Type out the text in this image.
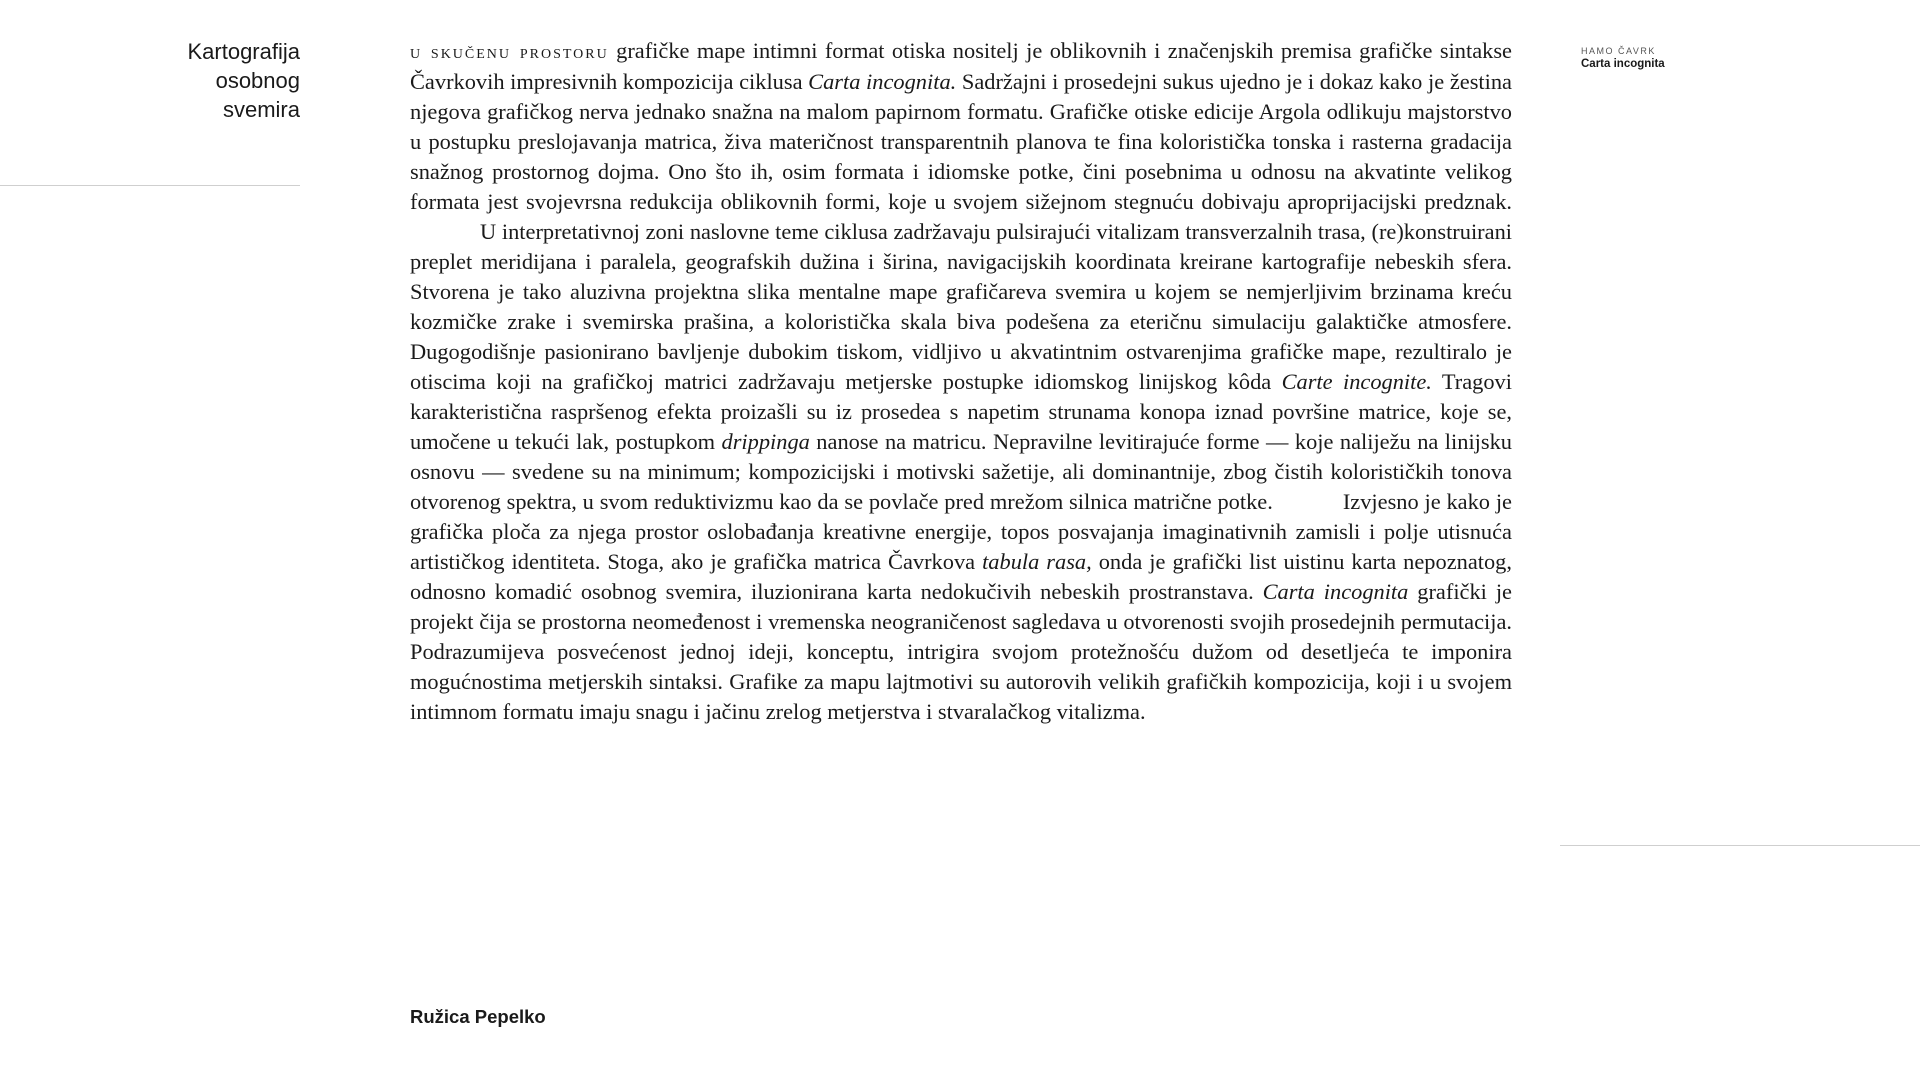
Kartografija
osobnog
svemira
HAMO ČAVRK
Carta incognita

u skučenu prostoru grafičke mape intimni format otiska nositelj je oblikovnih i značenjskih premisa grafičke sintakse Čavrkovih impresivnih kompozicija ciklusa Carta incognita. Sadržajni i prosedejni sukus ujedno je i dokaz kako je žestina njegova grafičkog nerva jednako snažna na malom papirnom formatu. Grafičke otiske edicije Argola odlikuju majstorstvo u postupku preslojavanja matrica, živa materičnost transparentnih planova te fina koloristička tonska i rasterna gradacija snažnog prostornog dojma. Ono što ih, osim formata i idiomske potke, čini posebnima u odnosu na akvatinte velikog formata jest svojevrsna redukcija oblikovnih formi, koje u svojem sižejnom stegnuću dobivaju aproprijacijski predznak.U interpretativnoj zoni naslovne teme ciklusa zadržavaju pulsirajući vitalizam transverzalnih trasa, (re)konstruirani preplet meridijana i paralela, geografskih dužina i širina, navigacijskih koordinata kreirane kartografije nebeskih sfera. Stvorena je tako aluzivna projektna slika mentalne mape grafičareva svemira u kojem se nemjerljivim brzinama kreću kozmičke zrake i svemirska prašina, a koloristička skala biva podešena za eteričnu simulaciju galaktičke atmosfere. Dugogodišnje pasionirano bavljenje dubokim tiskom, vidljivo u akvatintnim ostvarenjima grafičke mape, rezultiralo je otiscima koji na grafičkoj matrici zadržavaju metjerske postupke idiomskog linijskog kôda Carte incognite. Tragovi karakteristična raspršenog efekta proizašli su iz prosedea s napetim strunama konopa iznad površine matrice, koje se, umočene u tekući lak, postupkom drippinga nanose na matricu. Nepravilne levitirajuće forme — koje naliježu na linijsku osnovu — svedene su na minimum; kompozicijski i motivski sažetije, ali dominantnije, zbog čistih kolorističkih tonova otvorenog spektra, u svom reduktivizmu kao da se povlače pred mrežom silnica matrične potke.	Izvjesno je kako je grafička ploča za njega prostor oslobađanja kreativne energije, topos posvajanja imaginativnih zamisli i polje utisnuća artističkog identiteta. Stoga, ako je grafička matrica Čavrkova tabula rasa, onda je grafički list uistinu karta nepoznatog, odnosno komadić osobnog svemira, iluzionirana karta nedokučivih nebeskih prostranstava. Carta incognita grafički je projekt čija se prostorna neomeđenost i vremenska neograničenost sagledava u otvorenosti svojih prosedejnih permutacija. Podrazumijeva posvećenost jednoj ideji, konceptu, intrigira svojom protežnošću dužom od desetljeća te imponira mogućnostima metjerskih sintaksi. Grafike za mapu lajtmotivi su autorovih velikih grafičkih kompozicija, koji i u svojem intimnom formatu imaju snagu i jačinu zrelog metjerstva i stvaralačkog vitalizma.

Ružica Pepelko
